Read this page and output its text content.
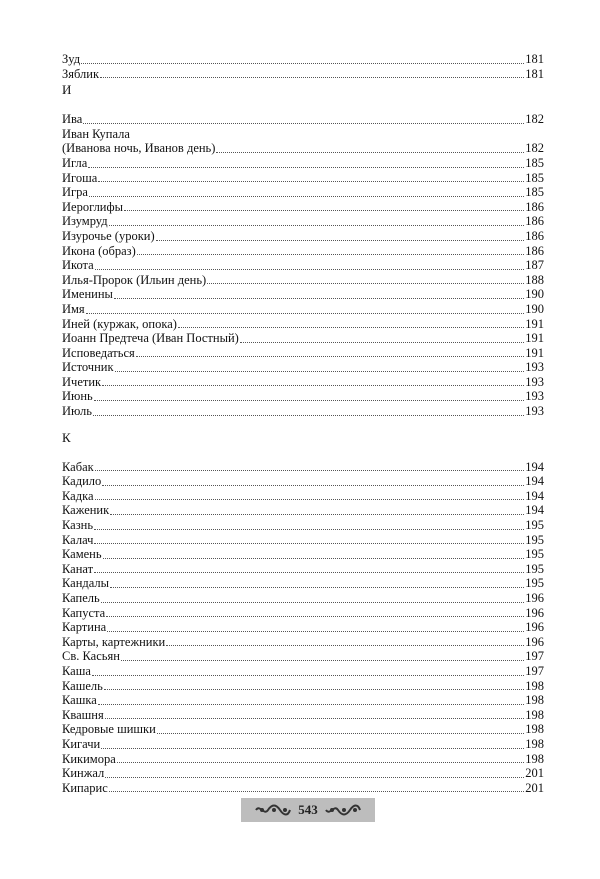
Зуд	181
Зяблик	181
И
Ива	182
Иван Купала
(Иванова ночь, Иванов день)	182
Игла	185
Игоша	185
Игра	185
Иероглифы	186
Изумруд	186
Изурочье (уроки)	186
Икона (образ)	186
Икота	187
Илья-Пророк (Ильин день)	188
Именины	190
Имя	190
Иней (куржак, опока)	191
Иоанн Предтеча (Иван Постный)	191
Исповедаться	191
Источник	193
Ичетик	193
Июнь	193
Июль	193
К
Кабак	194
Кадило	194
Кадка	194
Каженик	194
Казнь	195
Калач	195
Камень	195
Канат	195
Кандалы	195
Капель	196
Капуста	196
Картина	196
Карты, картежники	196
Св. Касьян	197
Каша	197
Кашель	198
Кашка	198
Квашня	198
Кедровые шишки	198
Кигачи	198
Кикимора	198
Кинжал	201
Кипарис	201
543
